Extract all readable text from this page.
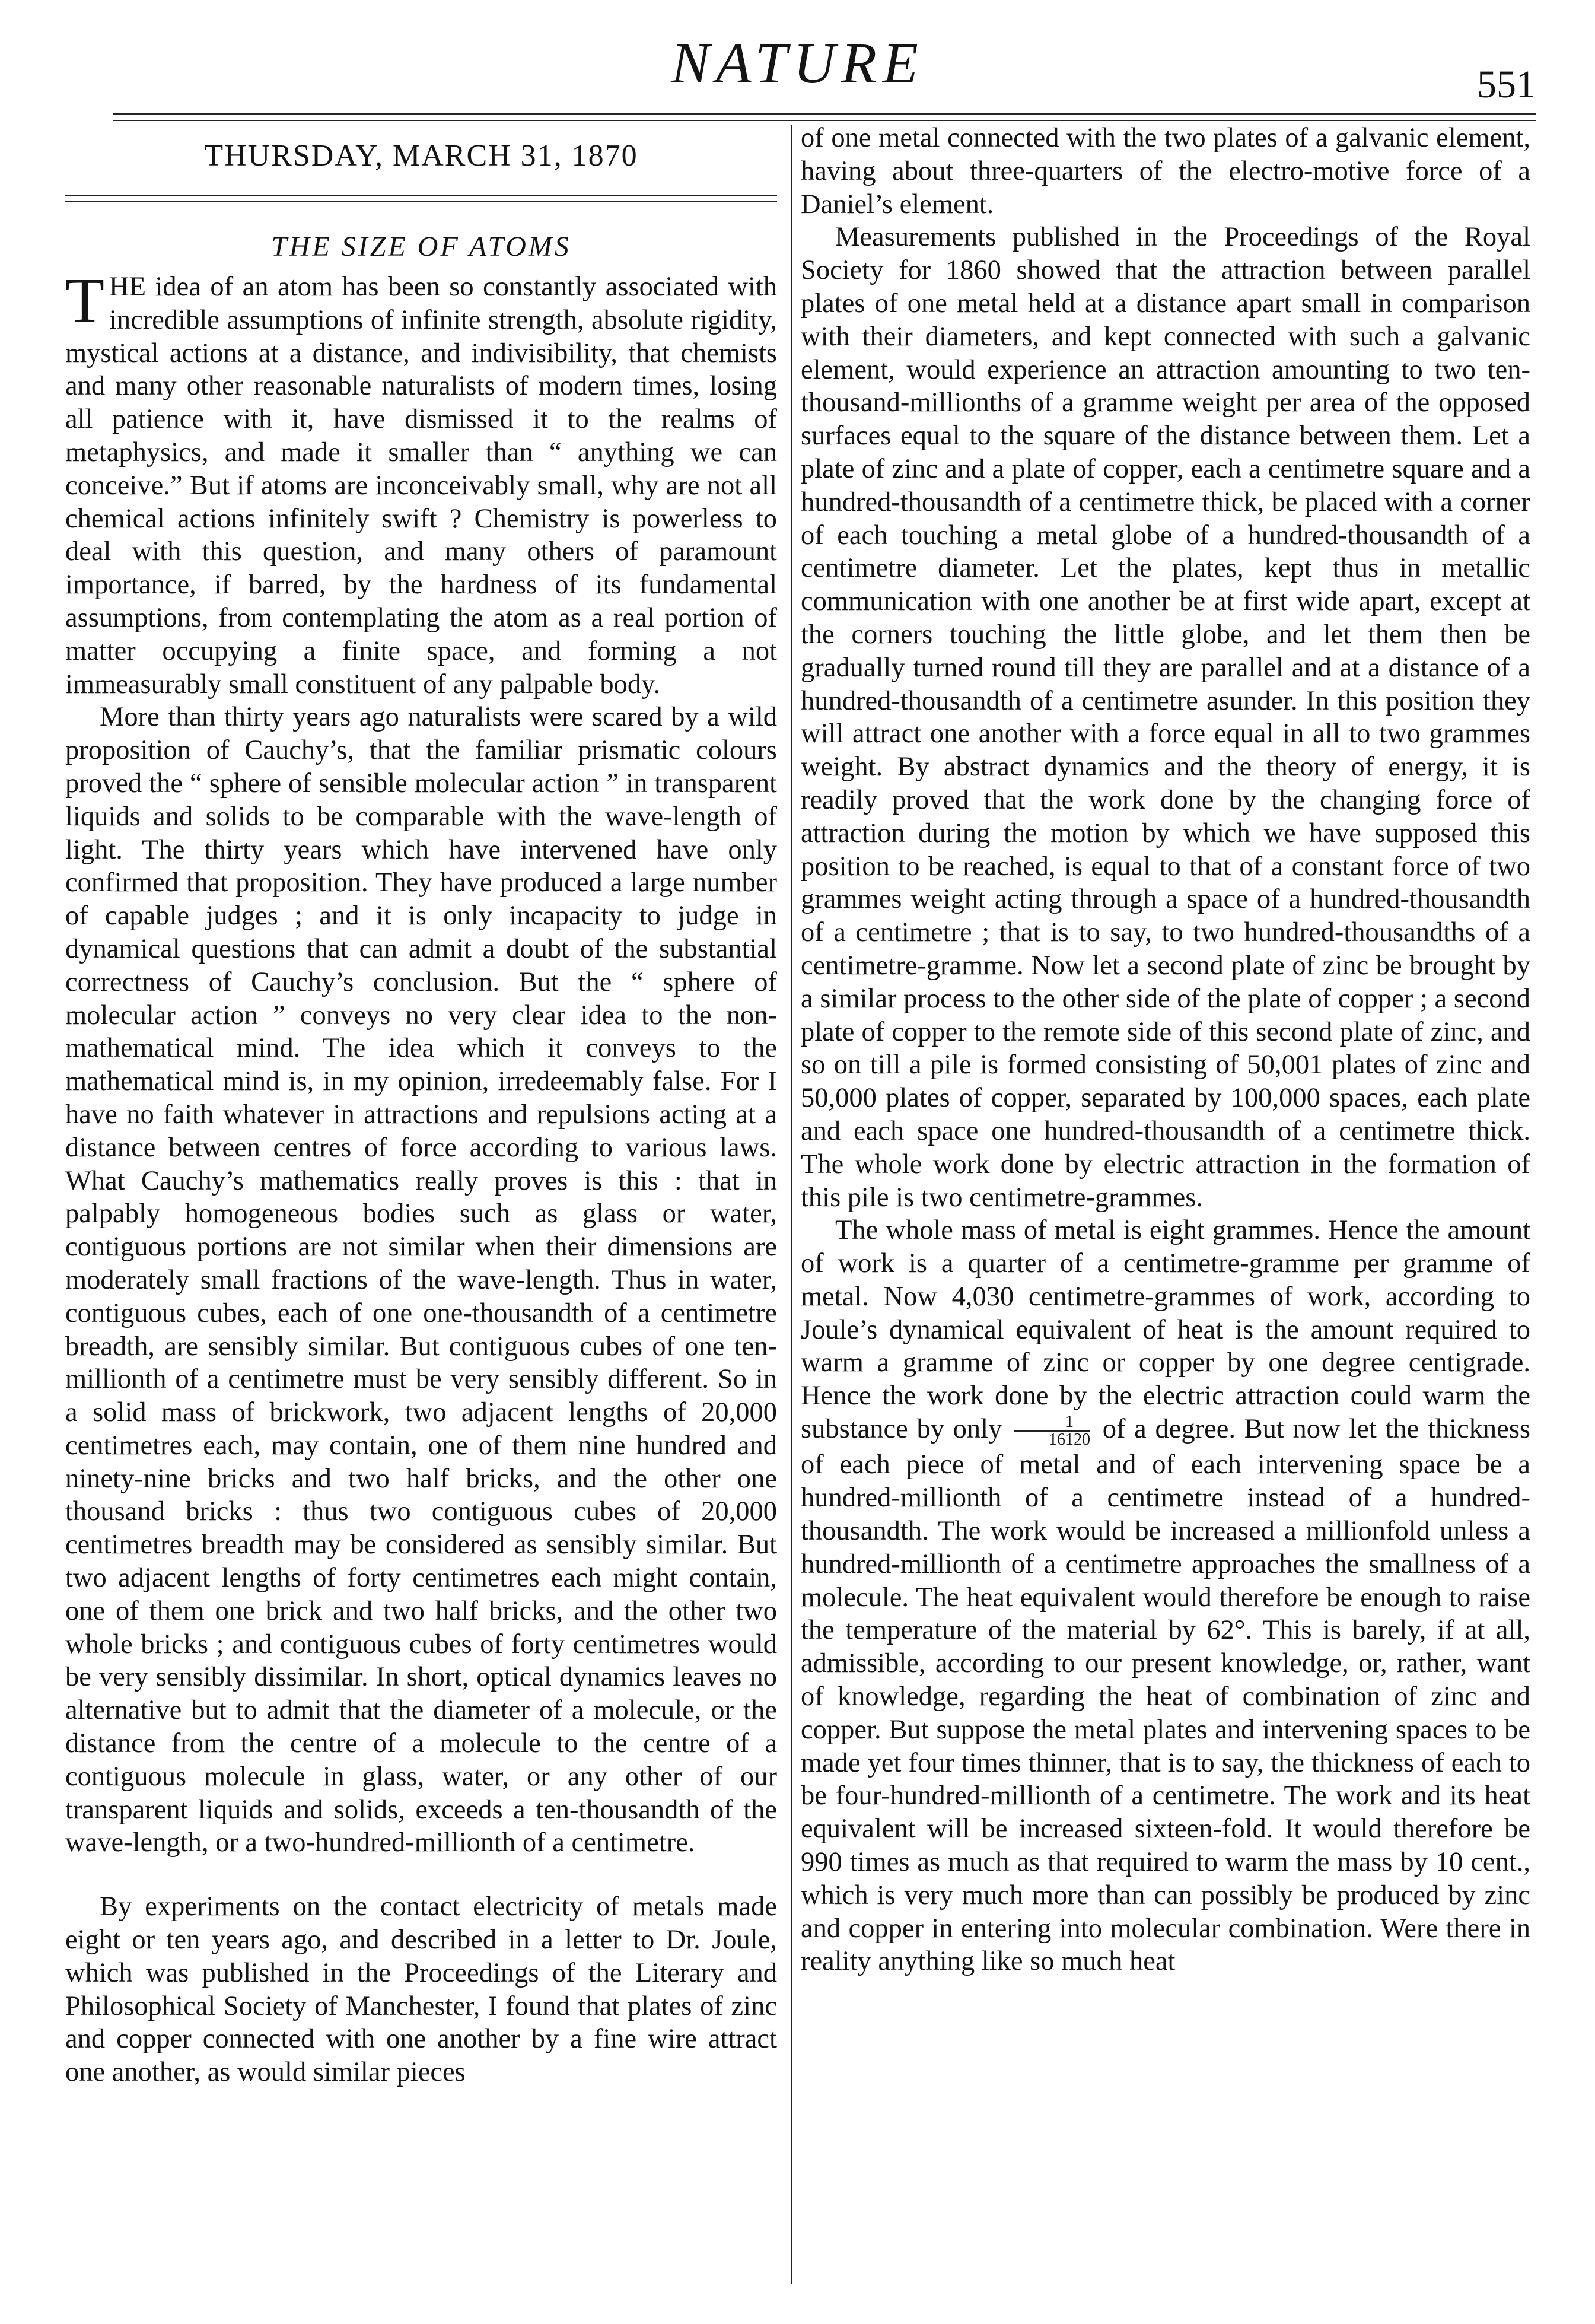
NATURE	551
THURSDAY, MARCH 31, 1870
THE SIZE OF ATOMS

THE idea of an atom has been so constantly associated with incredible assumptions of infinite strength, absolute rigidity, mystical actions at a distance, and indivisibility, that chemists and many other reasonable naturalists of modern times, losing all patience with it, have dismissed it to the realms of metaphysics, and made it smaller than “ anything we can conceive.” But if atoms are inconceivably small, why are not all chemical actions infinitely swift ? Chemistry is powerless to deal with this question, and many others of paramount importance, if barred, by the hardness of its fundamental assumptions, from contemplating the atom as a real portion of matter occupying a finite space, and forming a not immeasurably small constituent of any palpable body.

More than thirty years ago naturalists were scared by a wild proposition of Cauchy’s, that the familiar prismatic colours proved the “ sphere of sensible molecular action ” in transparent liquids and solids to be comparable with the wave-length of light. The thirty years which have intervened have only confirmed that proposition. They have produced a large number of capable judges ; and it is only incapacity to judge in dynamical questions that can admit a doubt of the substantial correctness of Cauchy’s conclusion. But the “ sphere of molecular action ” conveys no very clear idea to the non-mathematical mind. The idea which it conveys to the mathematical mind is, in my opinion, irredeemably false. For I have no faith whatever in attractions and repulsions acting at a distance between centres of force according to various laws. What Cauchy’s mathematics really proves is this : that in palpably homogeneous bodies such as glass or water, contiguous portions are not similar when their dimensions are moderately small fractions of the wave-length. Thus in water, contiguous cubes, each of one one-thousandth of a centimetre breadth, are sensibly similar. But contiguous cubes of one ten-millionth of a centimetre must be very sensibly different. So in a solid mass of brickwork, two adjacent lengths of 20,000 centimetres each, may contain, one of them nine hundred and ninety-nine bricks and two half bricks, and the other one thousand bricks : thus two contiguous cubes of 20,000 centimetres breadth may be considered as sensibly similar. But two adjacent lengths of forty centimetres each might contain, one of them one brick and two half bricks, and the other two whole bricks ; and contiguous cubes of forty centimetres would be very sensibly dissimilar. In short, optical dynamics leaves no alternative but to admit that the diameter of a molecule, or the distance from the centre of a molecule to the centre of a contiguous molecule in glass, water, or any other of our transparent liquids and solids, exceeds a ten-thousandth of the wave-length, or a two-hundred-millionth of a centimetre.

By experiments on the contact electricity of metals made eight or ten years ago, and described in a letter to Dr. Joule, which was published in the Proceedings of the Literary and Philosophical Society of Manchester, I found that plates of zinc and copper connected with one another by a fine wire attract one another, as would similar pieces

of one metal connected with the two plates of a galvanic element, having about three-quarters of the electro-motive force of a Daniel’s element.

Measurements published in the Proceedings of the Royal Society for 1860 showed that the attraction between parallel plates of one metal held at a distance apart small in comparison with their diameters, and kept connected with such a galvanic element, would experience an attraction amounting to two ten-thousand-millionths of a gramme weight per area of the opposed surfaces equal to the square of the distance between them. Let a plate of zinc and a plate of copper, each a centimetre square and a hundred-thousandth of a centimetre thick, be placed with a corner of each touching a metal globe of a hundred-thousandth of a centimetre diameter. Let the plates, kept thus in metallic communication with one another be at first wide apart, except at the corners touching the little globe, and let them then be gradually turned round till they are parallel and at a distance of a hundred-thousandth of a centimetre asunder. In this position they will attract one another with a force equal in all to two grammes weight. By abstract dynamics and the theory of energy, it is readily proved that the work done by the changing force of attraction during the motion by which we have supposed this position to be reached, is equal to that of a constant force of two grammes weight acting through a space of a hundred-thousandth of a centimetre ; that is to say, to two hundred-thousandths of a centimetre-gramme. Now let a second plate of zinc be brought by a similar process to the other side of the plate of copper ; a second plate of copper to the remote side of this second plate of zinc, and so on till a pile is formed consisting of 50,001 plates of zinc and 50,000 plates of copper, separated by 100,000 spaces, each plate and each space one hundred-thousandth of a centimetre thick. The whole work done by electric attraction in the formation of this pile is two centimetre-grammes.

The whole mass of metal is eight grammes. Hence the amount of work is a quarter of a centimetre-gramme per gramme of metal. Now 4,030 centimetre-grammes of work, according to Joule’s dynamical equivalent of heat is the amount required to warm a gramme of zinc or copper by one degree centigrade. Hence the work done by the electric attraction could warm the substance by only $\frac{1}{16120}$ of a degree. But now let the thickness of each piece of metal and of each intervening space be a hundred-millionth of a centimetre instead of a hundred-thousandth. The work would be increased a millionfold unless a hundred-millionth of a centimetre approaches the smallness of a molecule. The heat equivalent would therefore be enough to raise the temperature of the material by 62°. This is barely, if at all, admissible, according to our present knowledge, or, rather, want of knowledge, regarding the heat of combination of zinc and copper. But suppose the metal plates and intervening spaces to be made yet four times thinner, that is to say, the thickness of each to be four-hundred-millionth of a centimetre. The work and its heat equivalent will be increased sixteen-fold. It would therefore be 990 times as much as that required to warm the mass by 10 cent., which is very much more than can possibly be produced by zinc and copper in entering into molecular combination. Were there in reality anything like so much heat
